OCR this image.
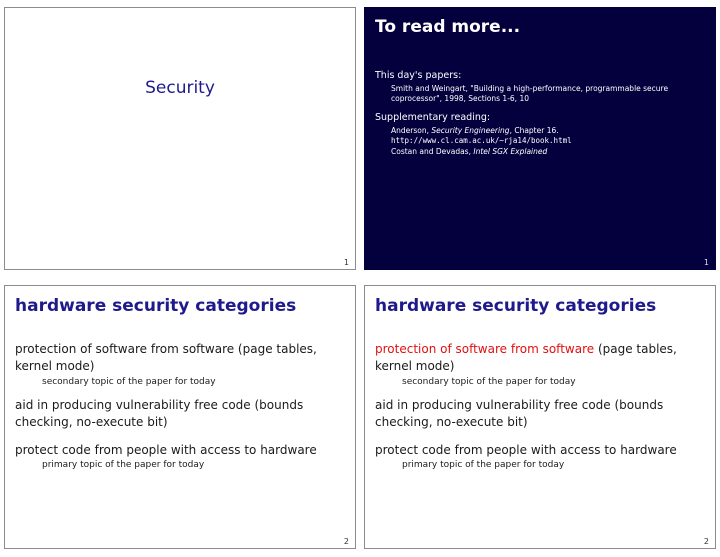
Security
1
To read more...
This day's papers:
Smith and Weingart, "Building a high-performance, programmable secure
coprocessor", 1998, Sections 1-6, 10
Supplementary reading:
Anderson, Security Engineering, Chapter 16.
http://www.cl.cam.ac.uk/~rja14/book.html
Costan and Devadas, Intel SGX Explained
1
hardware security categories
protection of software from software (page tables, kernel mode)
secondary topic of the paper for today
aid in producing vulnerability free code (bounds checking, no-execute bit)
protect code from people with access to hardware
primary topic of the paper for today
2
hardware security categories
protection of software from software (page tables, kernel mode)
secondary topic of the paper for today
aid in producing vulnerability free code (bounds checking, no-execute bit)
protect code from people with access to hardware
primary topic of the paper for today
2
